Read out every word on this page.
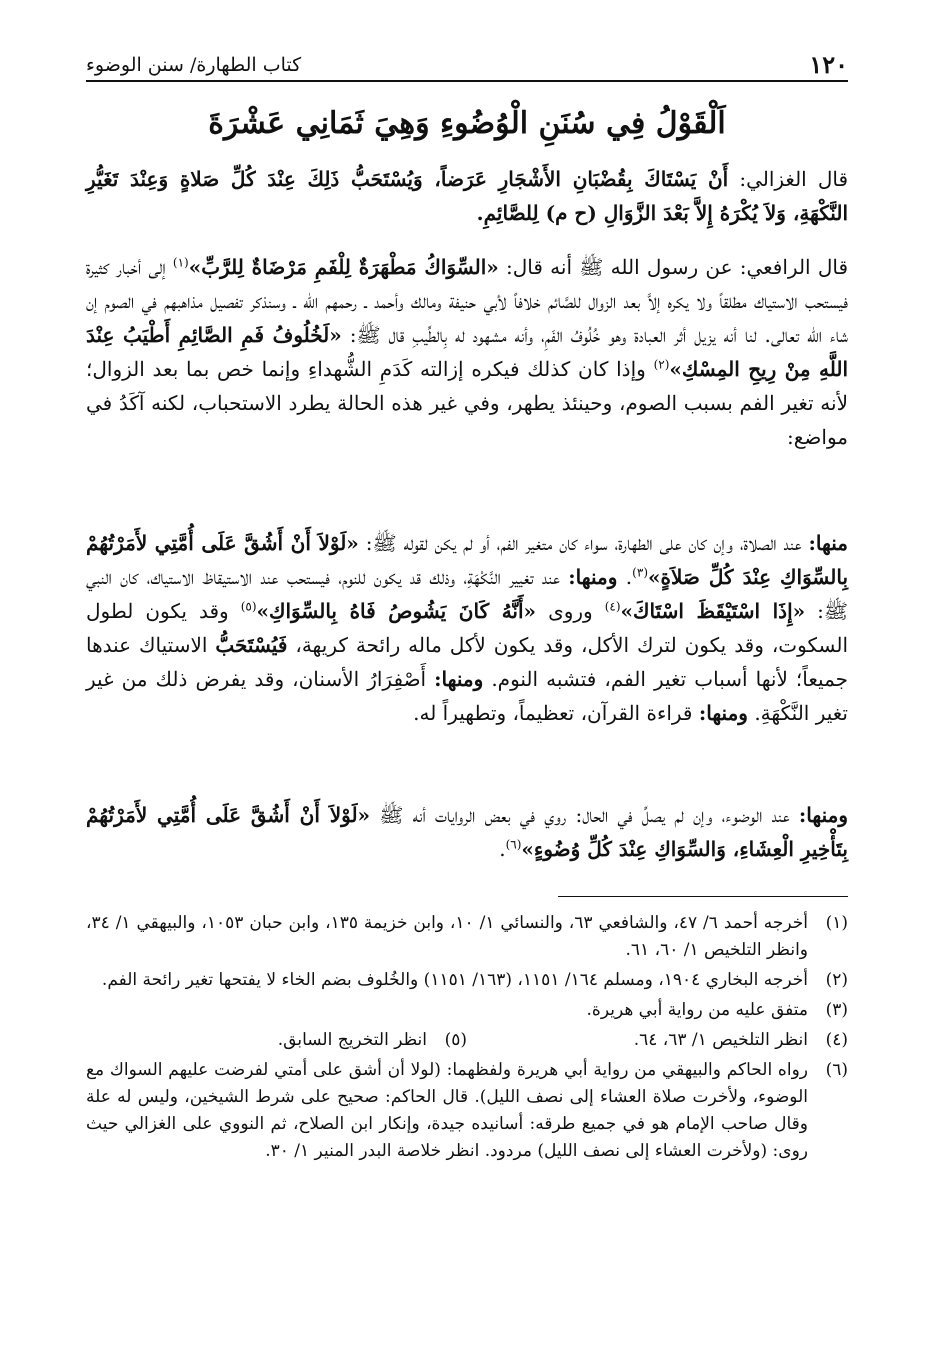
١٢٠
كتاب الطهارة/ سنن الوضوء
اَلْقَوْلُ فِي سُنَنِ الْوُضُوءِ وَهِيَ ثَمَانِي عَشْرَةَ

قال الغزالي: أَنْ يَسْتَاكَ بِقُضْبَانِ الأَشْجَارِ عَرَضاً، وَيُسْتَحَبُّ ذَلِكَ عِنْدَ كُلِّ صَلاةٍ وَعِنْدَ تَغَيُّرِ النَّكْهَةِ، وَلاَ يُكْرَهُ إِلاَّ بَعْدَ الزَّوَالِ (ح م) لِلصَّائِمِ.

قال الرافعي: عن رسول الله ﷺ أنه قال: «السِّوَاكُ مَطْهَرَةٌ لِلْفَمِ مَرْضَاةٌ لِلرَّبِّ»$^{(١)}$ إلى أخبار كثيرة فيستحب الاستياك مطلقاً ولا يكره إلاَّ بعد الزوال للصَّائم خلافاً لأبي حنيفة ومالك وأحمد ـ رحمهم الله ـ وسنذكر تفصيل مذاهبهم في الصوم إن شاء الله تعالى. لنا أنه يزيل أثر العبادة وهو خُلُوفُ الفَمِ، وأنه مشهود له بِالطِّيبِ قال ﷺ: «لَخُلُوفُ فَمِ الصَّائِمِ أَطْيَبُ عِنْدَ اللَّهِ مِنْ رِيحِ المِسْكِ»$^{(٢)}$ وإذا كان كذلك فيكره إزالته كَدَمِ الشُّهداءِ وإنما خص بما بعد الزوال؛ لأنه تغير الفم بسبب الصوم، وحينئذ يطهر، وفي غير هذه الحالة يطرد الاستحباب، لكنه آكَدُ في مواضع:

منها: عند الصلاة، وإن كان على الطهارة، سواء كان متغير الفم، أو لم يكن لقوله ﷺ: «لَوْلاَ أَنْ أَشُقَّ عَلَى أُمَّتِي لأَمَرْتُهُمْ بِالسِّوَاكِ عِنْدَ كُلِّ صَلاَةٍ»$^{(٣)}$. ومنها: عند تغيير النَّكْهَةِ، وذلك قد يكون للنوم، فيستحب عند الاستيقاظ الاستياك، كان النبي ﷺ: «إِذَا اسْتَيْقَظَ اسْتَاكَ»$^{(٤)}$ وروى «أَنَّهُ كَانَ يَشُوصُ فَاهُ بِالسِّوَاكِ»$^{(٥)}$ وقد يكون لطول السكوت، وقد يكون لترك الأكل، وقد يكون لأكل ماله رائحة كريهة، فَيُسْتَحَبُّ الاستياك عندها جميعاً؛ لأنها أسباب تغير الفم، فتشبه النوم. ومنها: أَصْفِرَارُ الأسنان، وقد يفرض ذلك من غير تغير النَّكْهَةِ. ومنها: قراءة القرآن، تعظيماً، وتطهيراً له.

ومنها: عند الوضوء، وإن لم يصلِّ في الحال: روي في بعض الروايات أنه ﷺ «لَوْلاَ أَنْ أَشُقَّ عَلَى أُمَّتِي لأَمَرْتُهُمْ بِتَأْخِيرِ الْعِشَاءِ، وَالسِّوَاكِ عِنْدَ كُلِّ وُضُوءٍ»$^{(٦)}$.

(١)
أخرجه أحمد ٦/ ٤٧، والشافعي ٦٣، والنسائي ١/ ١٠، وابن خزيمة ١٣٥، وابن حبان ١٠٥٣، والبيهقي ١/ ٣٤، وانظر التلخيص ١/ ٦٠، ٦١.
(٢)
أخرجه البخاري ١٩٠٤، ومسلم ١٦٤/ ١١٥١، (١٦٣/ ١١٥١) والخُلوف بضم الخاء لا يفتحها تغير رائحة الفم.
(٣)
متفق عليه من رواية أبي هريرة.
(٤)
انظر التلخيص ١/ ٦٣، ٦٤.
(٥)
انظر التخريج السابق.
(٦)
رواه الحاكم والبيهقي من رواية أبي هريرة ولفظهما: (لولا أن أشق على أمتي لفرضت عليهم السواك مع الوضوء، ولأخرت صلاة العشاء إلى نصف الليل). قال الحاكم: صحيح على شرط الشيخين، وليس له علة وقال صاحب الإمام هو في جميع طرقه: أسانيده جيدة، وإنكار ابن الصلاح، ثم النووي على الغزالي حيث روى: (ولأخرت العشاء إلى نصف الليل) مردود. انظر خلاصة البدر المنير ١/ ٣٠.
